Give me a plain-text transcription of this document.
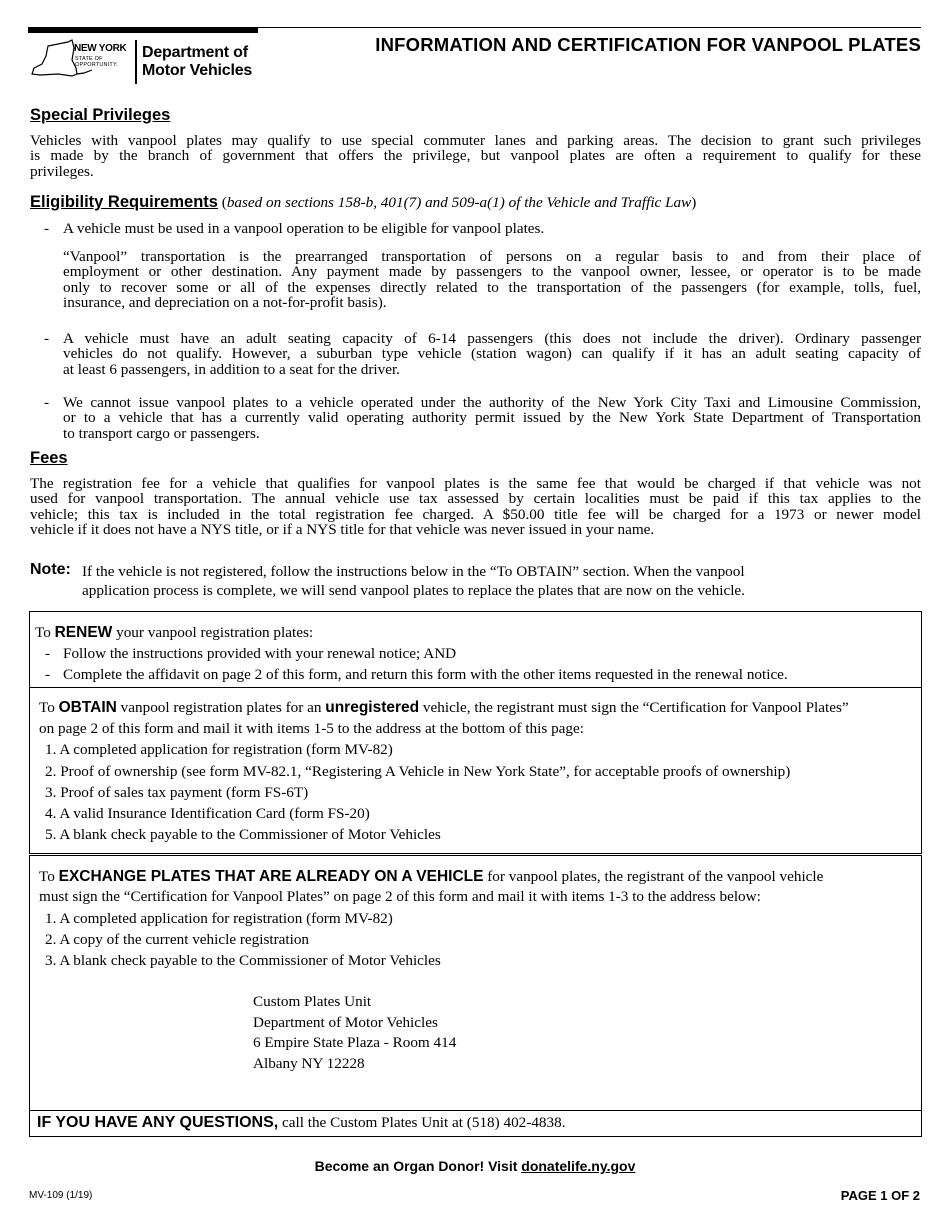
NEW YORK
STATE OF
OPPORTUNITY.
Department of
Motor Vehicles
INFORMATION AND CERTIFICATION FOR VANPOOL PLATES
Special Privileges
Vehicles with vanpool plates may qualify to use special commuter lanes and parking areas. The decision to grant such privileges
is made by the branch of government that offers the privilege, but vanpool plates are often a requirement to qualify for these
privileges.
Eligibility Requirements (based on sections 158-b, 401(7) and 509-a(1) of the Vehicle and Traffic Law)
- A vehicle must be used in a vanpool operation to be eligible for vanpool plates.
“Vanpool” transportation is the prearranged transportation of persons on a regular basis to and from their place of
employment or other destination. Any payment made by passengers to the vanpool owner, lessee, or operator is to be made
only to recover some or all of the expenses directly related to the transportation of the passengers (for example, tolls, fuel,
insurance, and depreciation on a not-for-profit basis).
- A vehicle must have an adult seating capacity of 6-14 passengers (this does not include the driver). Ordinary passenger
vehicles do not qualify. However, a suburban type vehicle (station wagon) can qualify if it has an adult seating capacity of
at least 6 passengers, in addition to a seat for the driver.
- We cannot issue vanpool plates to a vehicle operated under the authority of the New York City Taxi and Limousine Commission,
or to a vehicle that has a currently valid operating authority permit issued by the New York State Department of Transportation
to transport cargo or passengers.
Fees
The registration fee for a vehicle that qualifies for vanpool plates is the same fee that would be charged if that vehicle was not
used for vanpool transportation. The annual vehicle use tax assessed by certain localities must be paid if this tax applies to the
vehicle; this tax is included in the total registration fee charged. A $50.00 title fee will be charged for a 1973 or newer model
vehicle if it does not have a NYS title, or if a NYS title for that vehicle was never issued in your name.
Note: If the vehicle is not registered, follow the instructions below in the “To OBTAIN” section. When the vanpool
application process is complete, we will send vanpool plates to replace the plates that are now on the vehicle.
To RENEW your vanpool registration plates:
- Follow the instructions provided with your renewal notice; AND
- Complete the affidavit on page 2 of this form, and return this form with the other items requested in the renewal notice.
To OBTAIN vanpool registration plates for an unregistered vehicle, the registrant must sign the “Certification for Vanpool Plates”
on page 2 of this form and mail it with items 1-5 to the address at the bottom of this page:
1. A completed application for registration (form MV-82)
2. Proof of ownership (see form MV-82.1, “Registering A Vehicle in New York State”, for acceptable proofs of ownership)
3. Proof of sales tax payment (form FS-6T)
4. A valid Insurance Identification Card (form FS-20)
5. A blank check payable to the Commissioner of Motor Vehicles
To EXCHANGE PLATES THAT ARE ALREADY ON A VEHICLE for vanpool plates, the registrant of the vanpool vehicle
must sign the “Certification for Vanpool Plates” on page 2 of this form and mail it with items 1-3 to the address below:
1. A completed application for registration (form MV-82)
2. A copy of the current vehicle registration
3. A blank check payable to the Commissioner of Motor Vehicles
Custom Plates Unit
Department of Motor Vehicles
6 Empire State Plaza - Room 414
Albany NY 12228
IF YOU HAVE ANY QUESTIONS, call the Custom Plates Unit at (518) 402-4838.
Become an Organ Donor! Visit donatelife.ny.gov
MV-109 (1/19)	PAGE 1 OF 2
